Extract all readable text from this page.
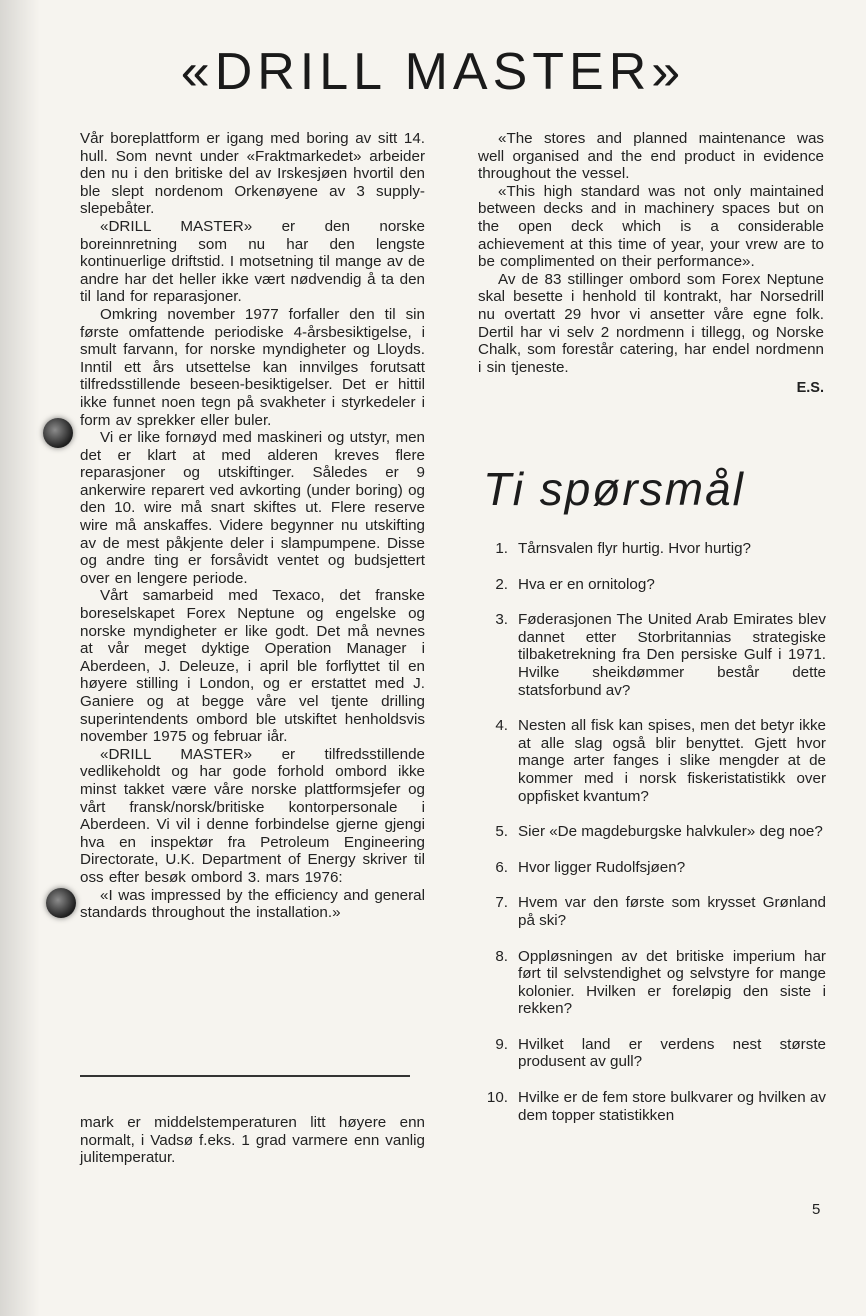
«DRILL MASTER»

Vår boreplattform er igang med boring av sitt 14. hull. Som nevnt under «Fraktmarkedet» arbeider den nu i den britiske del av Irskesjøen hvortil den ble slept nordenom Orkenøyene av 3 supply-slepebåter.

«DRILL MASTER» er den norske boreinnretning som nu har den lengste kontinuerlige driftstid. I motsetning til mange av de andre har det heller ikke vært nødvendig å ta den til land for reparasjoner.

Omkring november 1977 forfaller den til sin første omfattende periodiske 4-årsbesiktigelse, i smult farvann, for norske myndigheter og Lloyds. Inntil ett års utsettelse kan innvilges forutsatt tilfredsstillende beseen-besiktigelser. Det er hittil ikke funnet noen tegn på svakheter i styrkedeler i form av sprekker eller buler.

Vi er like fornøyd med maskineri og utstyr, men det er klart at med alderen kreves flere reparasjoner og utskiftinger. Således er 9 ankerwire reparert ved avkorting (under boring) og den 10. wire må snart skiftes ut. Flere reserve wire må anskaffes. Videre begynner nu utskifting av de mest påkjente deler i slampumpene. Disse og andre ting er forsåvidt ventet og budsjettert over en lengere periode.

Vårt samarbeid med Texaco, det franske boreselskapet Forex Neptune og engelske og norske myndigheter er like godt. Det må nevnes at vår meget dyktige Operation Manager i Aberdeen, J. Deleuze, i april ble forflyttet til en høyere stilling i London, og er erstattet med J. Ganiere og at begge våre vel tjente drilling superintendents ombord ble utskiftet henholdsvis november 1975 og februar iår.

«DRILL MASTER» er tilfredsstillende vedlikeholdt og har gode forhold ombord ikke minst takket være våre norske plattformsjefer og vårt fransk/norsk/britiske kontorpersonale i Aberdeen. Vi vil i denne forbindelse gjerne gjengi hva en inspektør fra Petroleum Engineering Directorate, U.K. Department of Energy skriver til oss efter besøk ombord 3. mars 1976:

«I was impressed by the efficiency and general standards throughout the installation.»

«The stores and planned maintenance was well organised and the end product in evidence throughout the vessel.

«This high standard was not only maintained between decks and in machinery spaces but on the open deck which is a considerable achievement at this time of year, your vrew are to be complimented on their performance».

Av de 83 stillinger ombord som Forex Neptune skal besette i henhold til kontrakt, har Norsedrill nu overtatt 29 hvor vi ansetter våre egne folk. Dertil har vi selv 2 nordmenn i tillegg, og Norske Chalk, som forestår catering, har endel nordmenn i sin tjeneste.

E.S.
mark er middelstemperaturen litt høyere enn normalt, i Vadsø f.eks. 1 grad varmere enn vanlig julitemperatur.
Ti spørsmål
1. Tårnsvalen flyr hurtig. Hvor hurtig?
2. Hva er en ornitolog?
3. Føderasjonen The United Arab Emirates blev dannet etter Storbritannias strategiske tilbaketrekning fra Den persiske Gulf i 1971. Hvilke sheikdømmer består dette statsforbund av?
4. Nesten all fisk kan spises, men det betyr ikke at alle slag også blir benyttet. Gjett hvor mange arter fanges i slike mengder at de kommer med i norsk fiskeristatistikk over oppfisket kvantum?
5. Sier «De magdeburgske halvkuler» deg noe?
6. Hvor ligger Rudolfsjøen?
7. Hvem var den første som krysset Grønland på ski?
8. Oppløsningen av det britiske imperium har ført til selvstendighet og selvstyre for mange kolonier. Hvilken er foreløpig den siste i rekken?
9. Hvilket land er verdens nest største produsent av gull?
10. Hvilke er de fem store bulkvarer og hvilken av dem topper statistikken
5
